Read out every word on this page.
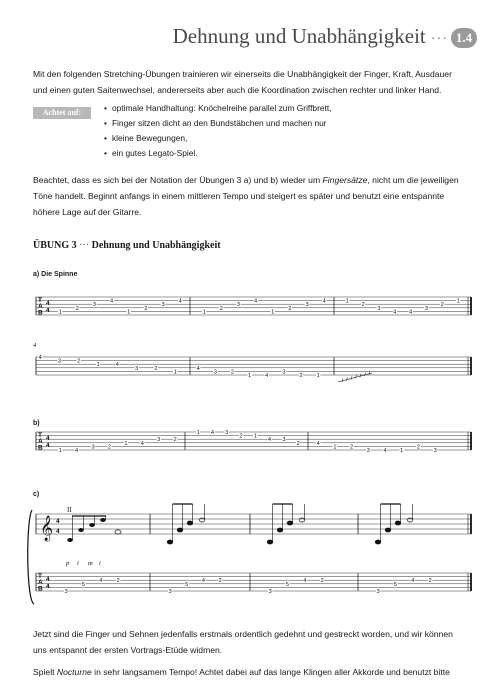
Dehnung und Unabhängigkeit ··· 1.4
Mit den folgenden Stretching-Übungen trainieren wir einerseits die Unabhängigkeit der Finger, Kraft, Ausdauer und einen guten Saitenwechsel, andererseits aber auch die Koordination zwischen rechter und linker Hand.
Achtet auf:	• optimale Handhaltung: Knöchelreihe parallel zum Griffbrett,
• Finger sitzen dicht an den Bundstäbchen und machen nur
• kleine Bewegungen,
• ein gutes Legato-Spiel.
Beachtet, dass es sich bei der Notation der Übungen 3 a) und b) wieder um Fingersätze, nicht um die jeweiligen Töne handelt. Beginnt anfangs in einem mittleren Tempo und steigert es später und benutzt eine entspannte höhere Lage auf der Gitarre.
ÜBUNG 3 ··· Dehnung und Unabhängigkeit
a) Die Spinne
b)
c)
T
A
B
4
4 1
2
3
4
1
2
3
4
1
2
3
4
1
2
3
4	1
2
3
4 4
3
2
1
4
3	2
1	4
3	2
1
4
3	2
1	4
3
2	1
T
A
B
4
4
1 4
3 2
1 4
3 2
1 4 3
2 1
4 3
2	4
1 2
3 4 1
2
3
𝄞 4
4
II
p i m i
T
A
B
4
4
3
5
4	2
3
5
4 2
3
5
4	2
3
5
4	2
4
Jetzt sind die Finger und Sehnen jedenfalls erstmals ordentlich gedehnt und gestreckt worden, und wir können uns entspannt der ersten Vortrags-Etüde widmen.
Spielt Nocturne in sehr langsamem Tempo! Achtet dabei auf das lange Klingen aller Akkorde und benutzt bitte
